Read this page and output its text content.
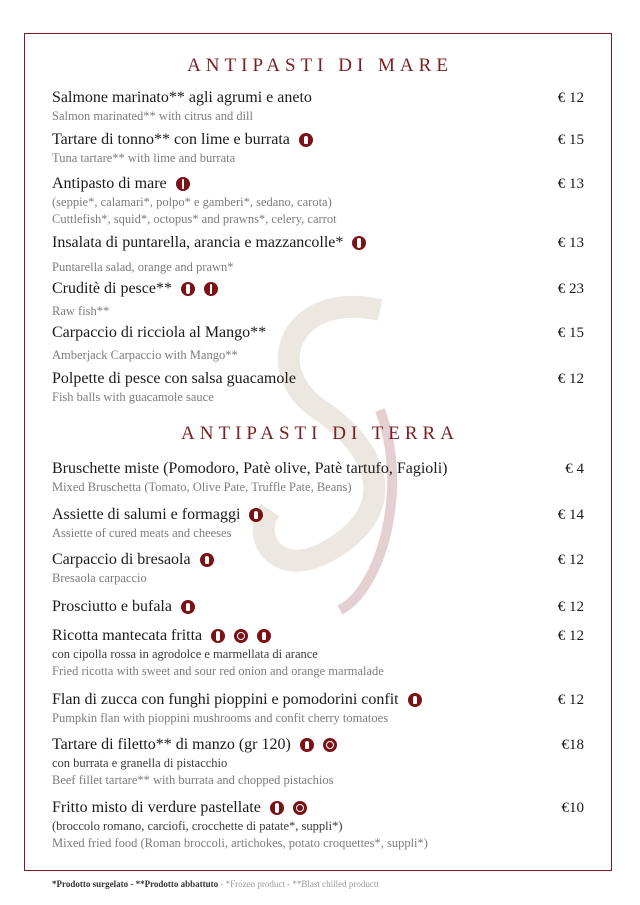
ANTIPASTI DI MARE
ANTIPASTI DI TERRA
Salmone marinato** agli agrumi e aneto
Salmon marinated** with citrus and dill
€ 12
Tartare di tonno** con lime e burrata
Tuna tartare** with lime and burrata
€ 15
Antipasto di mare
(seppie*, calamari*, polpo* e gamberi*, sedano, carota)
Cuttlefish*, squid*, octopus* and prawns*, celery, carrot
€ 13
Insalata di puntarella, arancia e mazzancolle*
Puntarella salad, orange and prawn*
€ 13
Cruditè di pesce**
Raw fish**
€ 23
Carpaccio di ricciola al Mango**
Amberjack Carpaccio with Mango**
€ 15
Polpette di pesce con salsa guacamole
Fish balls with guacamole sauce
€ 12
Bruschette miste (Pomodoro, Patè olive, Patè tartufo, Fagioli)
Mixed Bruschetta (Tomato, Olive Pate, Truffle Pate, Beans)
€ 4
Assiette di salumi e formaggi
Assiette of cured meats and cheeses
€ 14
Carpaccio di bresaola
Bresaola carpaccio
€ 12
Prosciutto e bufala	€ 12
Ricotta mantecata fritta
con cipolla rossa in agrodolce e marmellata di arance
Fried ricotta with sweet and sour red onion and orange marmalade
€ 12
Flan di zucca con funghi pioppini e pomodorini confit
Pumpkin flan with pioppini mushrooms and confit cherry tomatoes
€ 12
Tartare di filetto** di manzo (gr 120)
con burrata e granella di pistacchio
Beef fillet tartare** with burrata and chopped pistachios
€18
Fritto misto di verdure pastellate
(broccolo romano, carciofi, crocchette di patate*, suppli*)
Mixed fried food (Roman broccoli, artichokes, potato croquettes*, suppli*)
€10
*Prodotto surgelato - **Prodotto abbattuto - *Frozen product - **Blast chilled productt
